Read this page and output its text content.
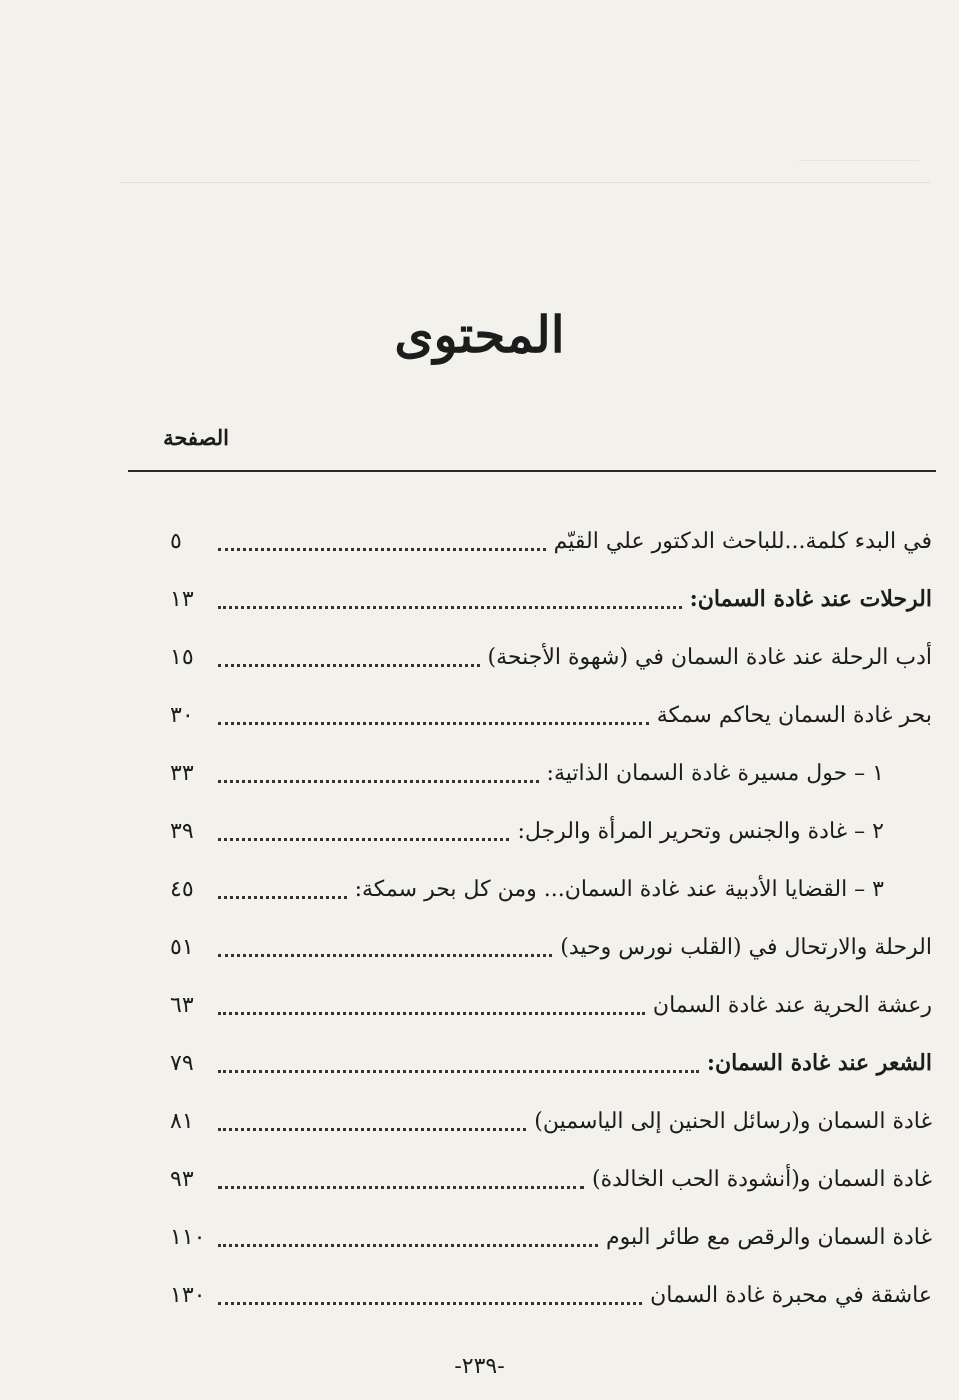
المحتوى
الصفحة
في البدء كلمة...للباحث الدكتور علي القيّم
٥
الرحلات عند غادة السمان:
١٣
أدب الرحلة عند غادة السمان في (شهوة الأجنحة)
١٥
بحر غادة السمان يحاكم سمكة
٣٠
١ – حول مسيرة غادة السمان الذاتية:
٣٣
٢ – غادة والجنس وتحرير المرأة والرجل:
٣٩
٣ – القضايا الأدبية عند غادة السمان... ومن كل بحر سمكة:
٤٥
الرحلة والارتحال في (القلب نورس وحيد)
٥١
رعشة الحرية عند غادة السمان
٦٣
الشعر عند غادة السمان:
٧٩
غادة السمان و(رسائل الحنين إلى الياسمين)
٨١
غادة السمان و(أنشودة الحب الخالدة)
٩٣
غادة السمان والرقص مع طائر البوم
١١٠
عاشقة في محبرة غادة السمان
١٣٠
-٢٣٩-
